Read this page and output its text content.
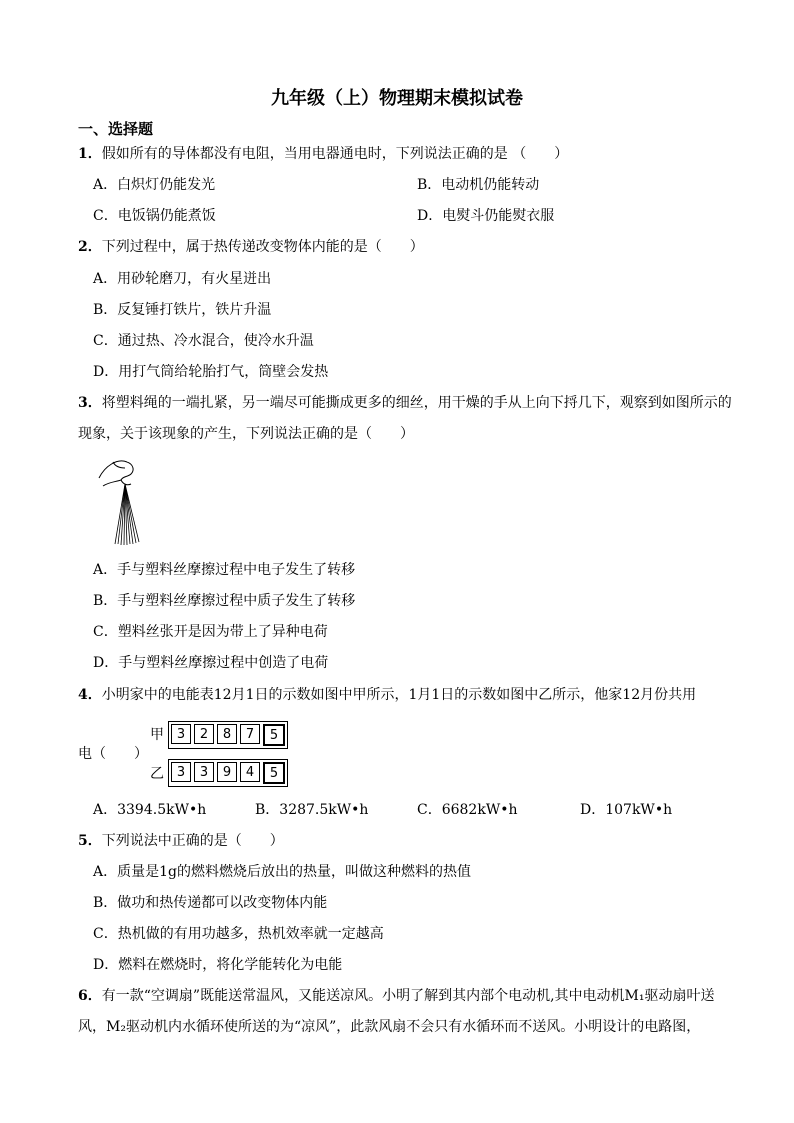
九年级（上）物理期末模拟试卷
一、选择题
1．假如所有的导体都没有电阻，当用电器通电时，下列说法正确的是 （　　）
A．白炽灯仍能发光	B．电动机仍能转动
C．电饭锅仍能煮饭	D．电熨斗仍能熨衣服
2．下列过程中，属于热传递改变物体内能的是（　　）
A．用砂轮磨刀，有火星迸出
B．反复锤打铁片，铁片升温
C．通过热、冷水混合，使冷水升温
D．用打气筒给轮胎打气，筒壁会发热
3．将塑料绳的一端扎紧，另一端尽可能撕成更多的细丝，用干燥的手从上向下捋几下，观察到如图所示的现象，关于该现象的产生，下列说法正确的是（　　）
A．手与塑料丝摩擦过程中电子发生了转移
B．手与塑料丝摩擦过程中质子发生了转移
C．塑料丝张开是因为带上了异种电荷
D．手与塑料丝摩擦过程中创造了电荷
4．小明家中的电能表12月1日的示数如图中甲所示，1月1日的示数如图中乙所示，他家12月份共用
甲 3	2	8	7	5
电（　　）
乙 3	3	9	4	5
A．3394.5kW•h	B．3287.5kW•h	C．6682kW•h	D．107kW•h
5．下列说法中正确的是（　　）
A．质量是1g的燃料燃烧后放出的热量，叫做这种燃料的热值
B．做功和热传递都可以改变物体内能
C．热机做的有用功越多，热机效率就一定越高
D．燃料在燃烧时，将化学能转化为电能
6．有一款“空调扇”既能送常温风，又能送凉风。小明了解到其内部个电动机,其中电动机M₁驱动扇叶送风，M₂驱动机内水循环使所送的为“凉风”，此款风扇不会只有水循环而不送风。小明设计的电路图，
